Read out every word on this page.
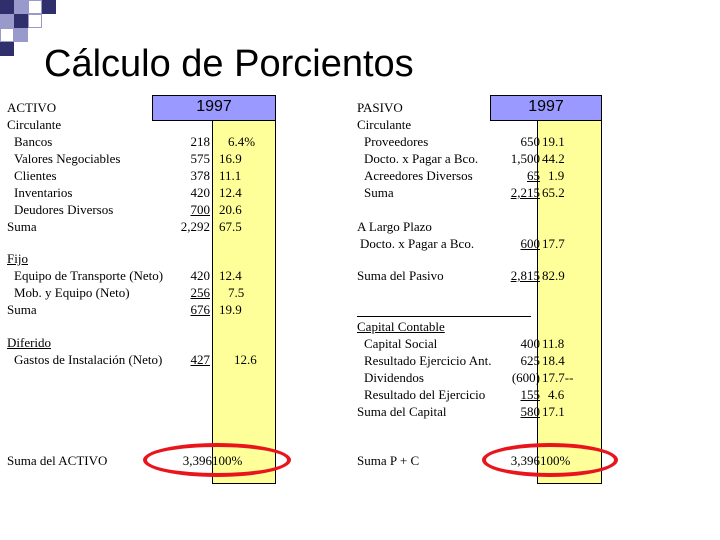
Cálculo de Porcientos
1997	1997
ACTIVO
Circulante
Bancos	218 6.4%
Valores Negociables	575 16.9
Clientes	378 11.1
Inventarios	420 12.4
Deudores Diversos	700 20.6
Suma	2,292 67.5
Fijo
Equipo de Transporte (Neto)	420 12.4
Mob. y Equipo (Neto)	256 7.5
Suma	676 19.9
Diferido
Gastos de Instalación (Neto)	427 12.6
Suma del ACTIVO	3,396 100%
PASIVO
Circulante
Proveedores	650 19.1
Docto. x Pagar a Bco.	1,500 44.2
Acreedores Diversos	65 1.9
Suma	2,215 65.2
A Largo Plazo
Docto. x Pagar a Bco.	600 17.7
Suma del Pasivo	2,815 82.9
Capital Contable
Capital Social	400 11.8
Resultado Ejercicio Ant.	625 18.4
Dividendos	(600) 17.7--
Resultado del Ejercicio	155 4.6
Suma del Capital	580 17.1
Suma P + C	3,396 100%
